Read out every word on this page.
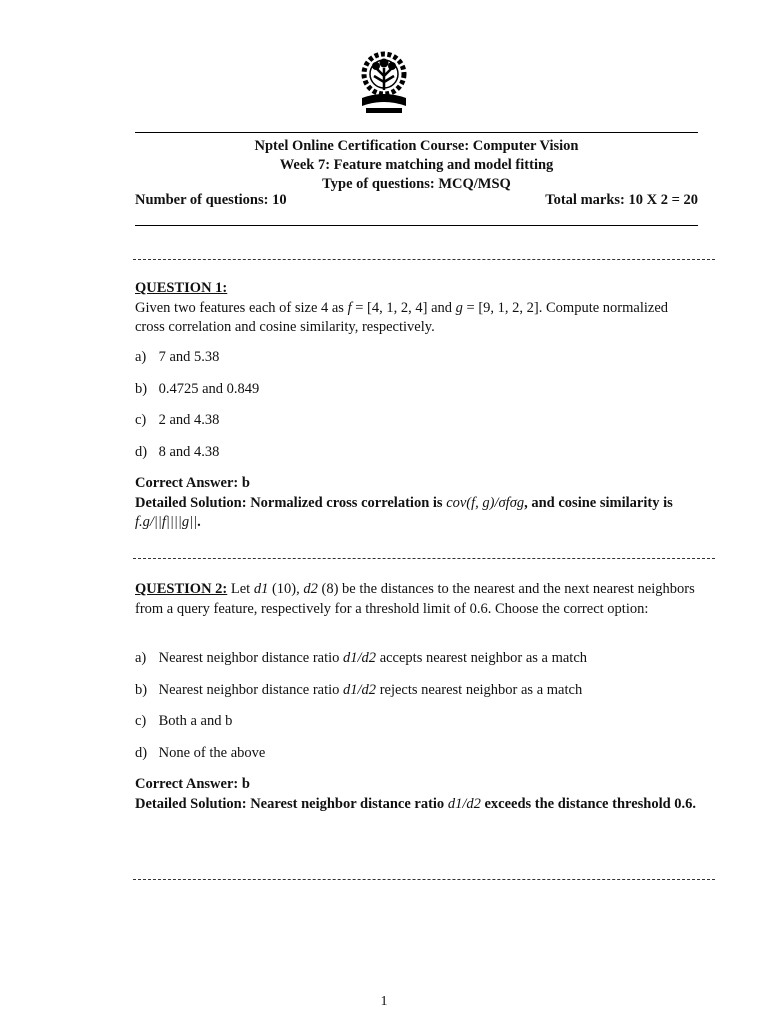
Nptel Online Certification Course: Computer Vision
Week 7: Feature matching and model fitting
Type of questions: MCQ/MSQ
Number of questions: 10	Total marks: 10 X 2 = 20
QUESTION 1:
Given two features each of size 4 as f = [4, 1, 2, 4] and g = [9, 1, 2, 2]. Compute normalized cross correlation and cosine similarity, respectively.
a) 7 and 5.38
b) 0.4725 and 0.849
c) 2 and 4.38
d) 8 and 4.38
Correct Answer: b
Detailed Solution: Normalized cross correlation is cov(f, g)/σfσg, and cosine similarity is f.g/||f||||g||.
QUESTION 2: Let d1 (10), d2 (8) be the distances to the nearest and the next nearest neighbors from a query feature, respectively for a threshold limit of 0.6. Choose the correct option:
a) Nearest neighbor distance ratio d1/d2 accepts nearest neighbor as a match
b) Nearest neighbor distance ratio d1/d2 rejects nearest neighbor as a match
c) Both a and b
d) None of the above
Correct Answer: b
Detailed Solution: Nearest neighbor distance ratio d1/d2 exceeds the distance threshold 0.6.
1
